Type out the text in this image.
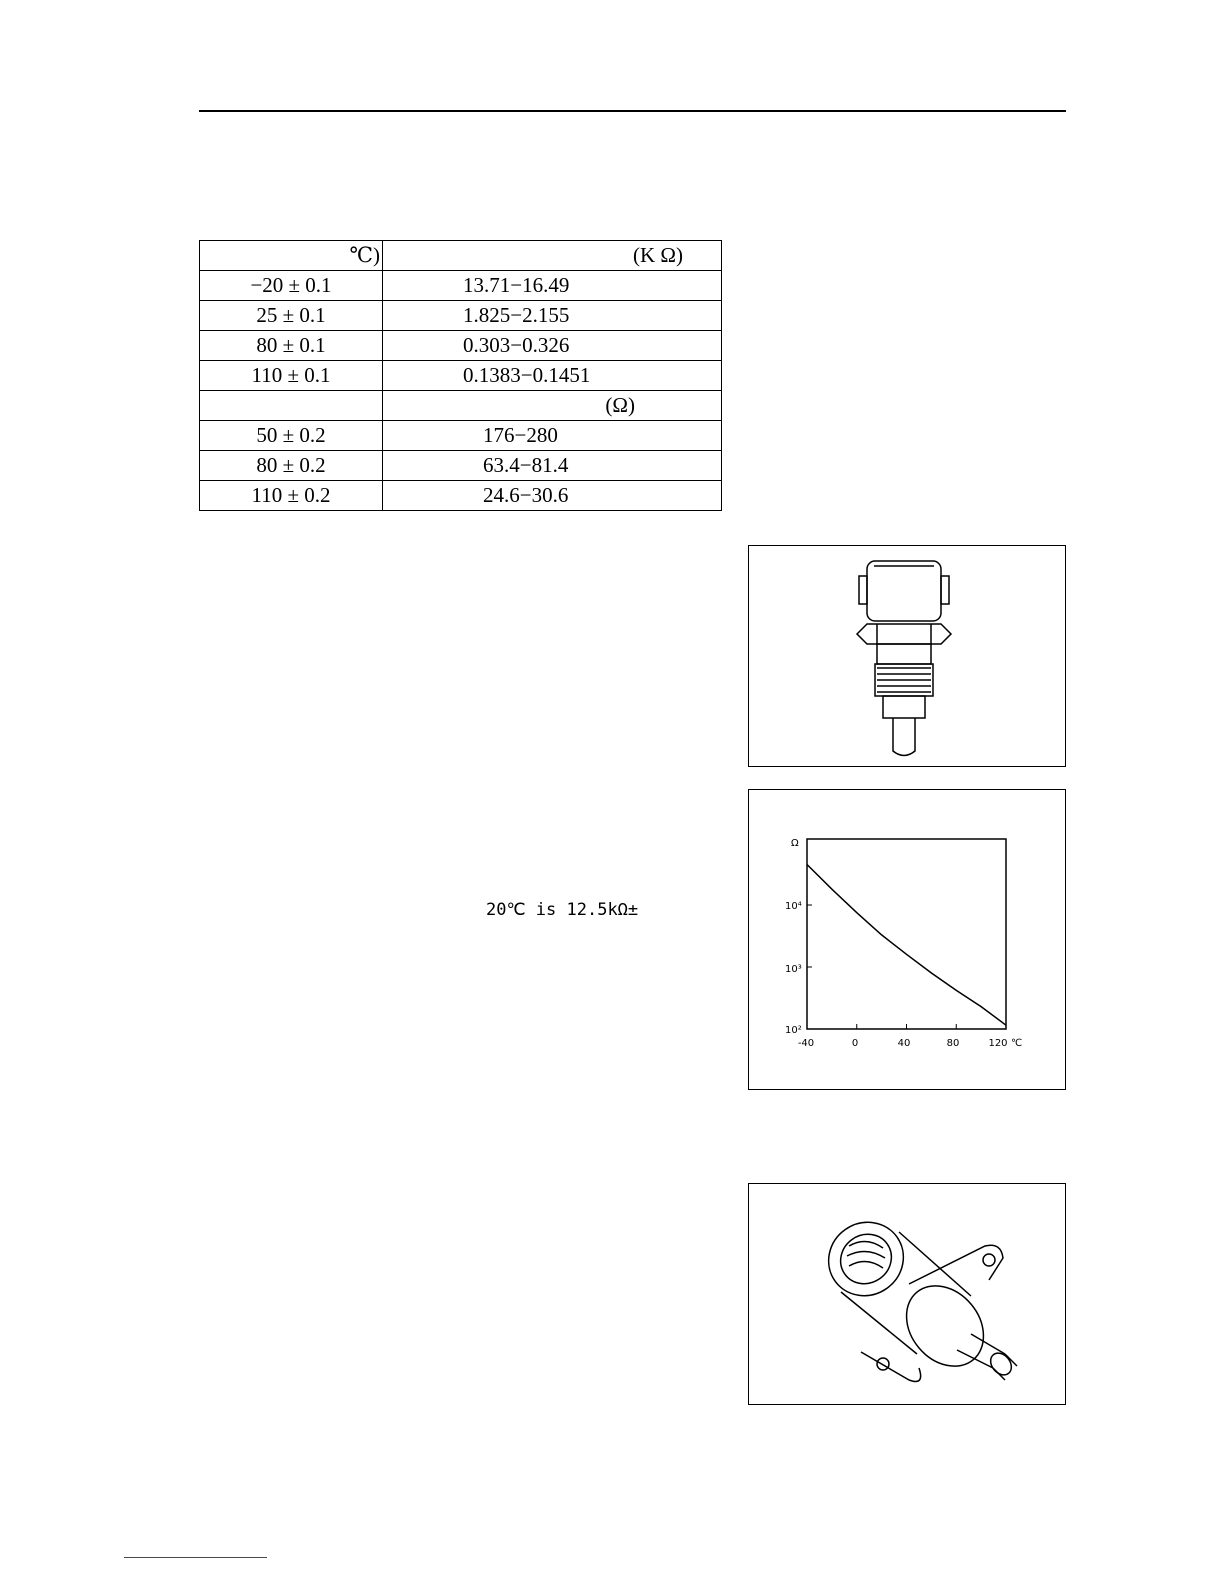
℃)	(K Ω)
−20 ± 0.1	13.71−16.49
25 ± 0.1	1.825−2.155
80 ± 0.1	0.303−0.326
110 ± 0.1	0.1383−0.1451
	(Ω)
50 ± 0.2	176−280
80 ± 0.2	63.4−81.4
110 ± 0.2	24.6−30.6
Ω
℃
-40	0	40	80	120
10²
10³
10⁴
20℃ is 12.5kΩ±
